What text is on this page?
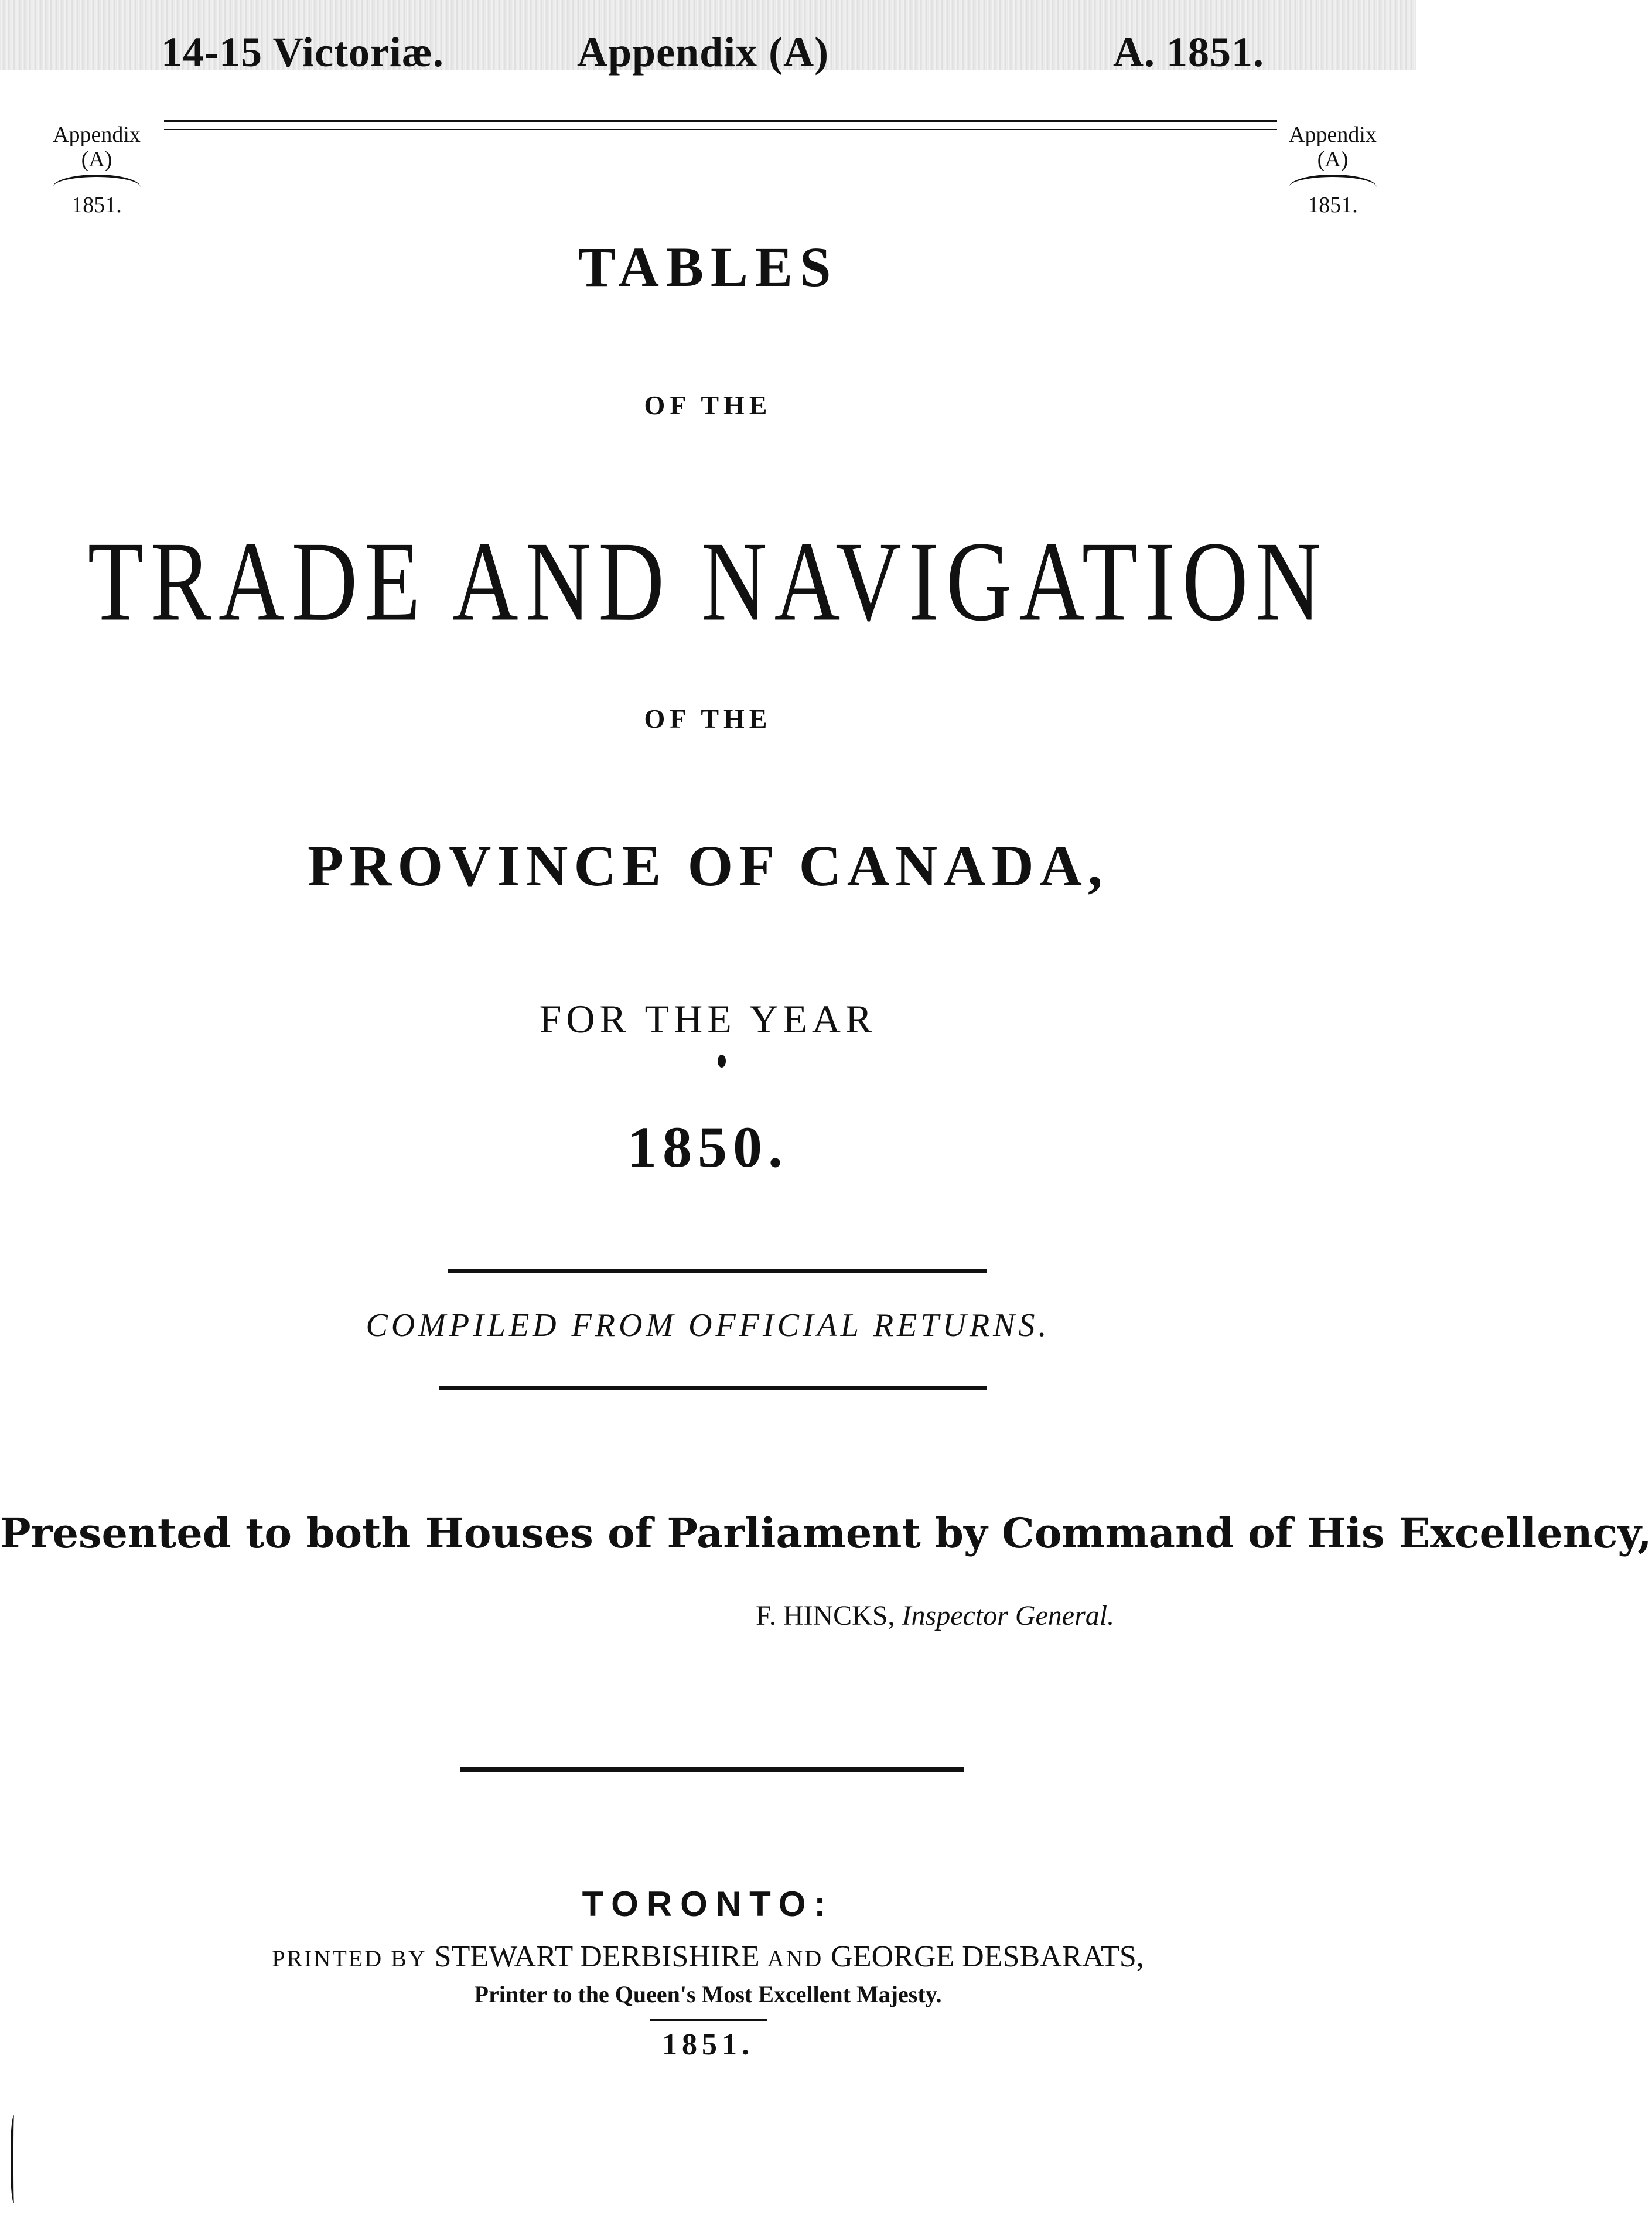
14-15 Victoriæ.	Appendix (A)	A. 1851.
Appendix
(A)
1851.
Appendix
(A)
1851.
TABLES
OF THE
TRADE AND NAVIGATION
OF THE
PROVINCE OF CANADA,
FOR THE YEAR
1850.
COMPILED FROM OFFICIAL RETURNS.
Presented to both Houses of Parliament by Command of His Excellency,
F. HINCKS, Inspector General.
TORONTO:
PRINTED BY STEWART DERBISHIRE AND GEORGE DESBARATS,
Printer to the Queen's Most Excellent Majesty.
1851.
